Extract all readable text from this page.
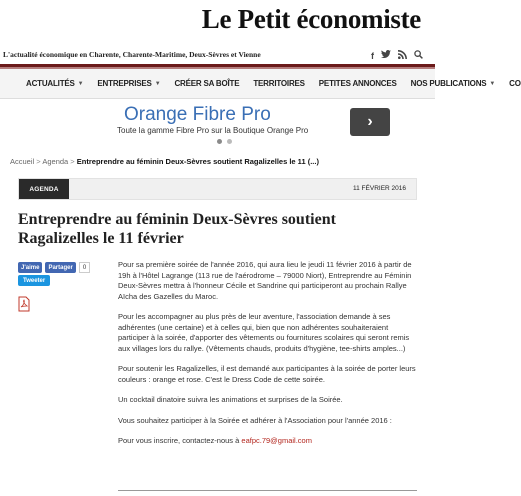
Le Petit économiste
L'actualité économique en Charente, Charente-Maritime, Deux-Sèvres et Vienne	f
ACTUALITÉS ▼ ENTREPRISES ▼ CRÉER SA BOÎTE TERRITOIRES PETITES ANNONCES NOS PUBLICATIONS ▼ CO
Orange Fibre Pro
Toute la gamme Fibre Pro sur la Boutique Orange Pro
›
Accueil > Agenda > Entreprendre au féminin Deux-Sèvres soutient Ragalizelles le 11 (...)
AGENDA	11 FÉVRIER 2016
Entreprendre au féminin Deux-Sèvres soutient Ragalizelles le 11 février
J'aime Partager	0
Tweeter

Pour sa première soirée de l'année 2016, qui aura lieu le jeudi 11 février 2016 à partir de 19h à l'Hôtel Lagrange (113 rue de l'aérodrome – 79000 Niort), Entreprendre au Féminin Deux-Sèvres mettra à l'honneur Cécile et Sandrine qui participeront au prochain Rallye Aïcha des Gazelles du Maroc.

Pour les accompagner au plus près de leur aventure, l'association demande à ses adhérentes (une certaine) et à celles qui, bien que non adhérentes souhaiteraient participer à la soirée, d'apporter des vêtements ou fournitures scolaires qui seront remis aux villages lors du rallye. (Vêtements chauds, produits d'hygiène, tee-shirts amples...)

Pour soutenir les Ragalizelles, il est demandé aux participantes à la soirée de porter leurs couleurs : orange et rose. C'est le Dress Code de cette soirée.

Un cocktail dinatoire suivra les animations et surprises de la Soirée.

Vous souhaitez participer à la Soirée et adhérer à l'Association pour l'année 2016 :

Pour vous inscrire, contactez-nous à eafpc.79@gmail.com
